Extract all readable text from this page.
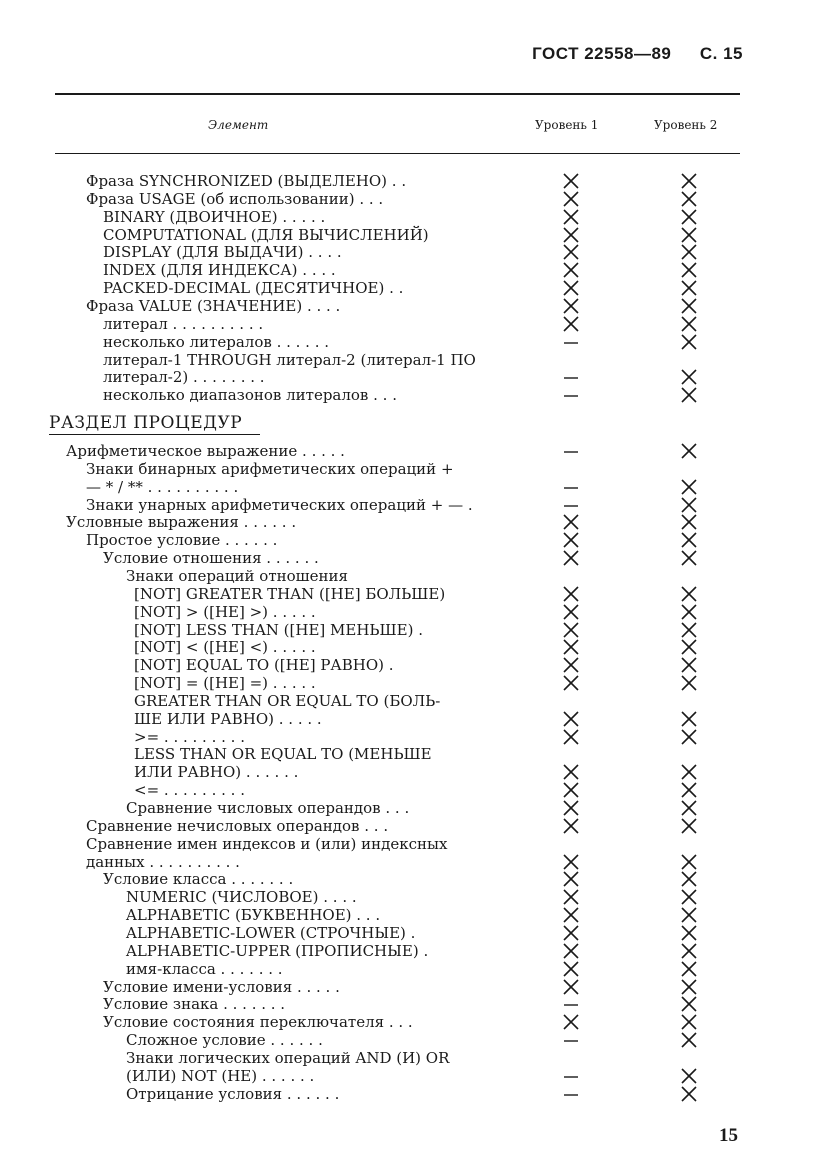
ГОСТ 22558—89 С. 15
Элемент	Уровень 1	Уровень 2
Фраза SYNCHRONIZED (ВЫДЕЛЕНО) . .
Фраза USAGE (об использовании) . . .
BINARY (ДВОИЧНОЕ) . . . . .
COMPUTATIONAL (ДЛЯ ВЫЧИСЛЕНИЙ)
DISPLAY (ДЛЯ ВЫДАЧИ) . . . .
INDEX (ДЛЯ ИНДЕКСА) . . . .
PACKED-DECIMAL (ДЕСЯТИЧНОЕ) . .
Фраза VALUE (ЗНАЧЕНИЕ) . . . .
литерал . . . . . . . . . .
несколько литералов . . . . . .
литерал-1 THROUGH литерал-2 (литерал-1 ПО
литерал-2) . . . . . . . .
несколько диапазонов литералов . . .
Арифметическое выражение . . . . .
Знаки бинарных арифметических операций +
— * / ** . . . . . . . . . .
Знаки унарных арифметических операций + — .
Условные выражения . . . . . .
Простое условие . . . . . .
Условие отношения . . . . . .
Знаки операций отношения
[NOT] GREATER THAN ([НЕ] БОЛЬШЕ)
[NOT] > ([НЕ] >) . . . . .
[NOT] LESS THAN ([НЕ] МЕНЬШЕ) .
[NOT] < ([НЕ] <) . . . . .
[NOT] EQUAL TO ([НЕ] РАВНО) .
[NOT] = ([НЕ] =) . . . . .
GREATER THAN OR EQUAL TO (БОЛЬ-
ШЕ ИЛИ РАВНО) . . . . .
>= . . . . . . . . .
LESS THAN OR EQUAL TO (МЕНЬШЕ
ИЛИ РАВНО) . . . . . .
<= . . . . . . . . .
Сравнение числовых операндов . . .
Сравнение нечисловых операндов . . .
Сравнение имен индексов и (или) индексных
данных . . . . . . . . . .
Условие класса . . . . . . .
NUMERIC (ЧИСЛОВОЕ) . . . .
ALPHABETIC (БУКВЕННОЕ) . . .
ALPHABETIC-LOWER (СТРОЧНЫЕ) .
ALPHABETIC-UPPER (ПРОПИСНЫЕ) .
имя-класса . . . . . . .
Условие имени-условия . . . . .
Условие знака . . . . . . .
Условие состояния переключателя . . .
Сложное условие . . . . . .
Знаки логических операций AND (И) OR
(ИЛИ) NOT (НЕ) . . . . . .
Отрицание условия . . . . . .
РАЗДЕЛ ПРОЦЕДУР
15
